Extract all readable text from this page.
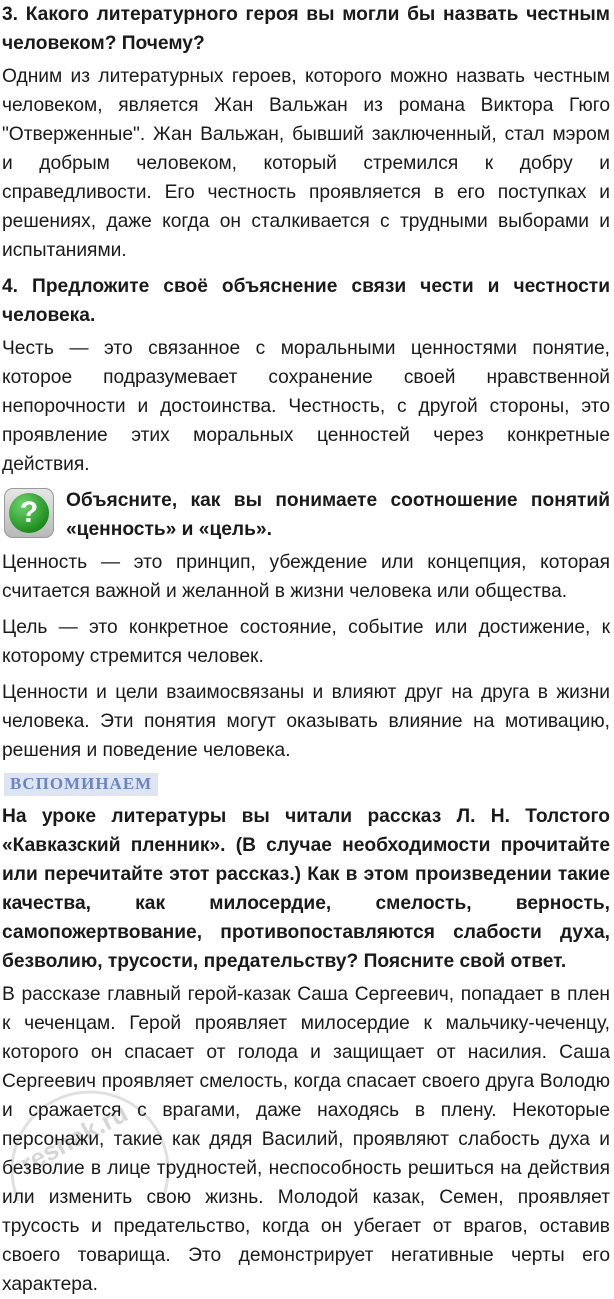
3. Какого литературного героя вы могли бы назвать честным человеком? Почему?

Одним из литературных героев, которого можно назвать честным человеком, является Жан Вальжан из романа Виктора Гюго "Отверженные". Жан Вальжан, бывший заключенный, стал мэром и добрым человеком, который стремился к добру и справедливости. Его честность проявляется в его поступках и решениях, даже когда он сталкивается с трудными выборами и испытаниями.

4. Предложите своё объяснение связи чести и честности человека.

Честь — это связанное с моральными ценностями понятие, которое подразумевает сохранение своей нравственной непорочности и достоинства. Честность, с другой стороны, это проявление этих моральных ценностей через конкретные действия.

?	Объясните, как вы понимаете соотношение понятий «ценность» и «цель».

Ценность — это принцип, убеждение или концепция, которая считается важной и желанной в жизни человека или общества.

Цель — это конкретное состояние, событие или достижение, к которому стремится человек.

Ценности и цели взаимосвязаны и влияют друг на друга в жизни человека. Эти понятия могут оказывать влияние на мотивацию, решения и поведение человека.

ВСПОМИНАЕМ

На уроке литературы вы читали рассказ Л. Н. Толстого «Кавказский пленник». (В случае необходимости прочитайте или перечитайте этот рассказ.) Как в этом произведении такие качества, как милосердие, смелость, верность, самопожертвование, противопоставляются слабости духа, безволию, трусости, предательству? Поясните свой ответ.

В рассказе главный герой-казак Саша Сергеевич, попадает в плен к чеченцам. Герой проявляет милосердие к мальчику-чеченцу, которого он спасает от голода и защищает от насилия. Саша Сергеевич проявляет смелость, когда спасает своего друга Володю и сражается с врагами, даже находясь в плену. Некоторые персонажи, такие как дядя Василий, проявляют слабость духа и безволие в лице трудностей, неспособность решиться на действия или изменить свою жизнь. Молодой казак, Семен, проявляет трусость и предательство, когда он убегает от врагов, оставив своего товарища. Это демонстрирует негативные черты его характера.

reshak.ru
